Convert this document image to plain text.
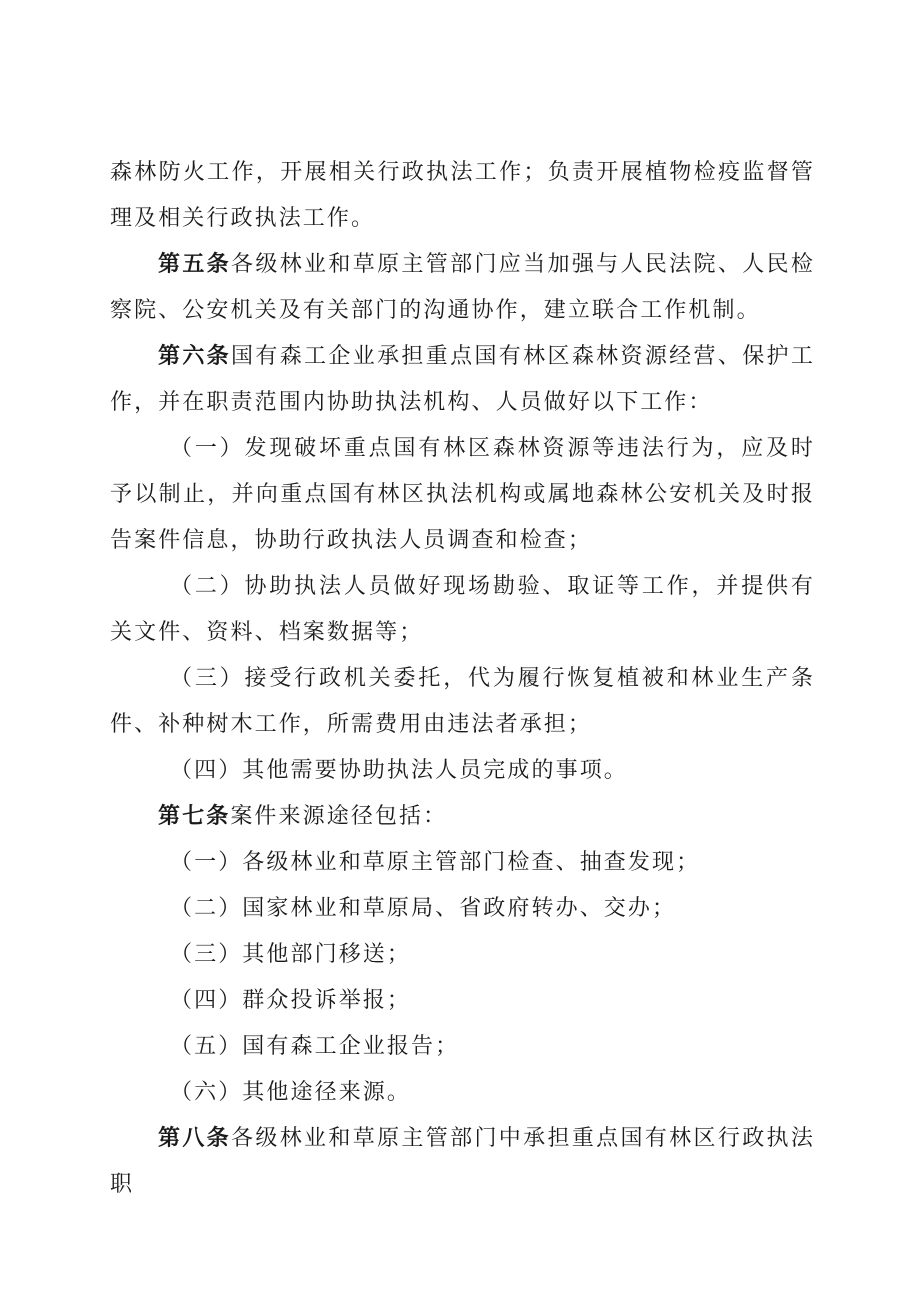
森林防火工作，开展相关行政执法工作；负责开展植物检疫监督管理及相关行政执法工作。

第五条各级林业和草原主管部门应当加强与人民法院、人民检察院、公安机关及有关部门的沟通协作，建立联合工作机制。

第六条国有森工企业承担重点国有林区森林资源经营、保护工作，并在职责范围内协助执法机构、人员做好以下工作：

（一）发现破坏重点国有林区森林资源等违法行为，应及时予以制止，并向重点国有林区执法机构或属地森林公安机关及时报告案件信息，协助行政执法人员调查和检查；

（二）协助执法人员做好现场勘验、取证等工作，并提供有关文件、资料、档案数据等；

（三）接受行政机关委托，代为履行恢复植被和林业生产条件、补种树木工作，所需费用由违法者承担；

（四）其他需要协助执法人员完成的事项。

第七条案件来源途径包括：

（一）各级林业和草原主管部门检查、抽查发现；

（二）国家林业和草原局、省政府转办、交办；

（三）其他部门移送；

（四）群众投诉举报；

（五）国有森工企业报告；

（六）其他途径来源。

第八条各级林业和草原主管部门中承担重点国有林区行政执法职
